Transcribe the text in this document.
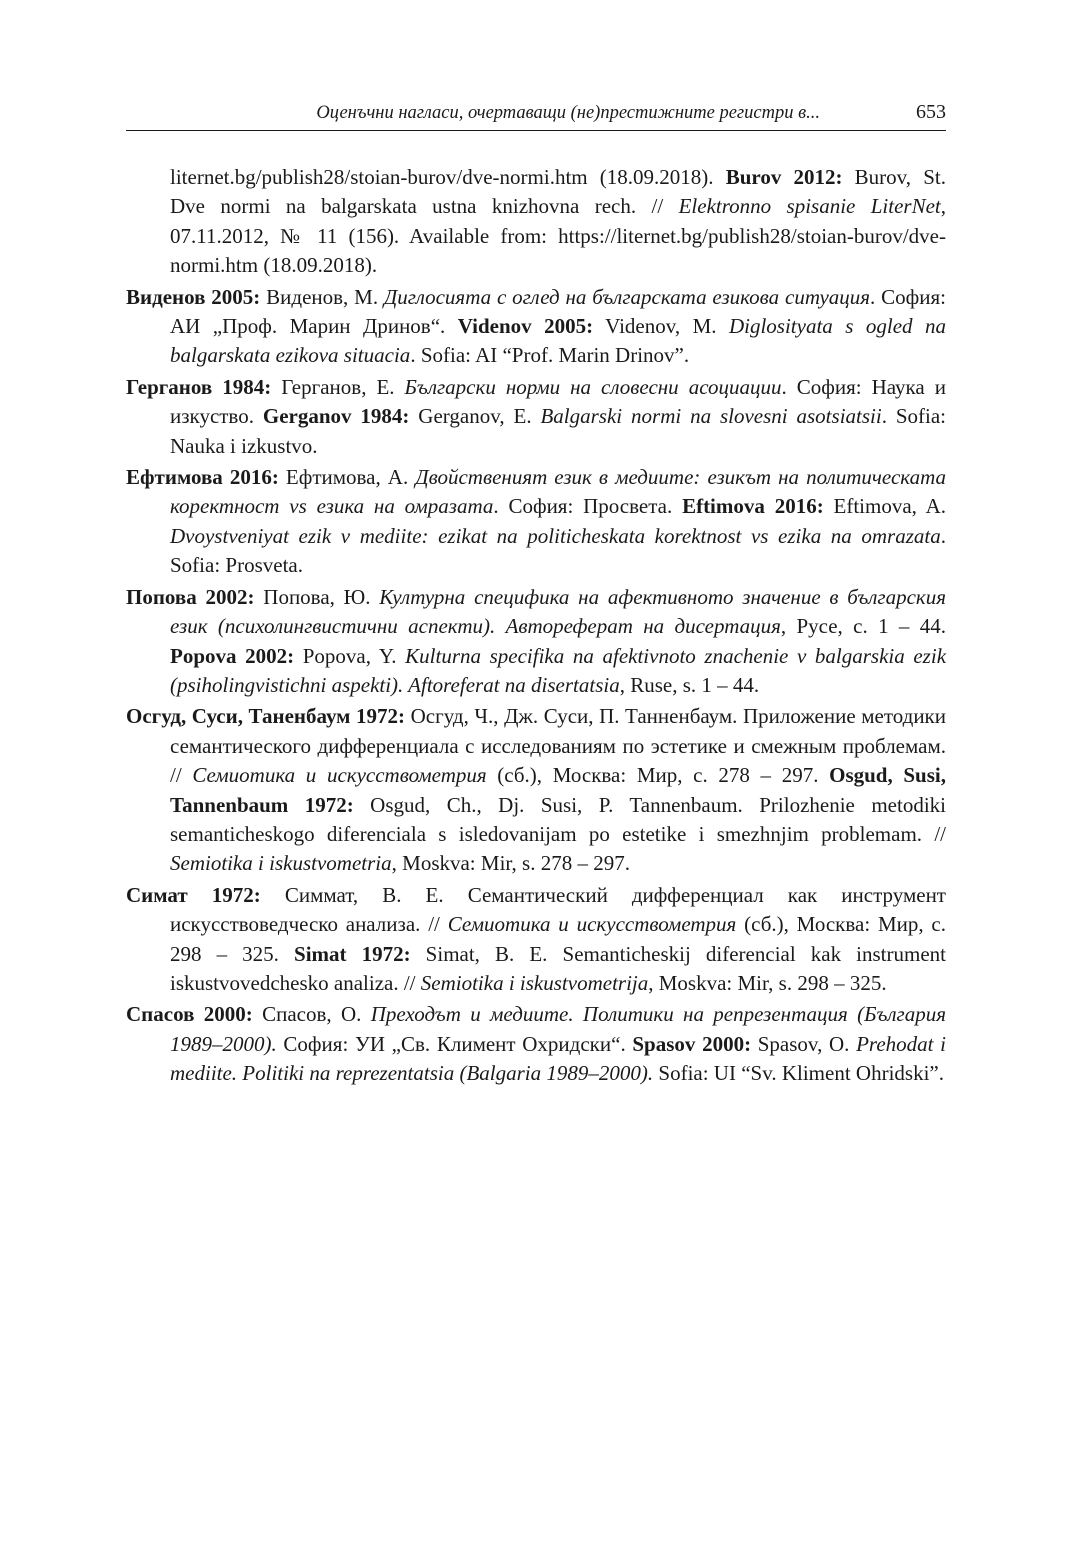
Оценъчни нагласи, очертаващи (не)престижните регистри в...	653

liternet.bg/publish28/stoian-burov/dve-normi.htm (18.09.2018). Burov 2012: Burov, St. Dve normi na balgarskata ustna knizhovna rech. // Elektronno spisanie LiterNet, 07.11.2012, № 11 (156). Available from: https://liternet.bg/publish28/stoian-burov/dve-normi.htm (18.09.2018).

Виденов 2005: Виденов, М. Диглосията с оглед на българската езикова ситуация. София: АИ „Проф. Марин Дринов“. Videnov 2005: Videnov, M. Diglosityata s ogled na balgarskata ezikova situacia. Sofia: AI “Prof. Marin Drinov”.

Герганов 1984: Герганов, Е. Български норми на словесни асоциации. София: Наука и изкуство. Gerganov 1984: Gerganov, E. Balgarski normi na slovesni asotsiatsii. Sofia: Nauka i izkustvo.

Ефтимова 2016: Ефтимова, А. Двойственият език в медиите: езикът на политическата коректност vs езика на омразата. София: Просвета. Eftimova 2016: Eftimova, A. Dvoystveniyat ezik v mediite: ezikat na politicheskata korektnost vs ezika na omrazata. Sofia: Prosveta.

Попова 2002: Попова, Ю. Културна специфика на афективното значение в българския език (психолингвистични аспекти). Автореферат на дисертация, Русе, с. 1 – 44. Popova 2002: Popova, Y. Kulturna specifika na afektivnoto znachenie v balgarskia ezik (psiholingvistichni aspekti). Aftoreferat na disertatsia, Ruse, s. 1 – 44.

Осгуд, Суси, Таненбаум 1972: Осгуд, Ч., Дж. Суси, П. Танненбаум. Приложение методики семантического дифференциала с исследованиям по эстетике и смежным проблемам. // Семиотика и искусствометрия (сб.), Москва: Мир, с. 278 – 297. Osgud, Susi, Tannenbaum 1972: Osgud, Ch., Dj. Susi, P. Tannenbaum. Prilozhenie metodiki semanticheskogo diferenciala s isledovanijam po estetike i smezhnjim problemam. // Semiotika i iskustvometria, Moskva: Mir, s. 278 – 297.

Симат 1972: Симмат, В. Е. Семантический дифференциал как инструмент искусствоведческо анализа. // Семиотика и искусствометрия (сб.), Москва: Мир, с. 298 – 325. Simat 1972: Simat, B. E. Semanticheskij diferencial kak instrument iskustvovedchesko analiza. // Semiotika i iskustvometrija, Moskva: Mir, s. 298 – 325.

Спасов 2000: Спасов, О. Преходът и медиите. Политики на репрезентация (България 1989–2000). София: УИ „Св. Климент Охридски“. Spasov 2000: Spasov, O. Prehodat i mediite. Politiki na reprezentatsia (Balgaria 1989–2000). Sofia: UI “Sv. Kliment Ohridski”.
